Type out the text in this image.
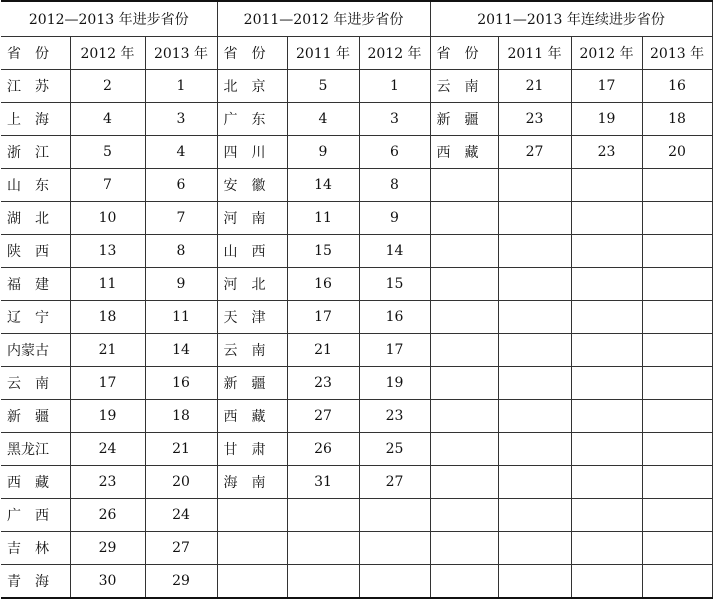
2012—2013 年进步省份			2011—2012 年进步省份			2011—2013 年连续进步省份			
省　份	2012 年	2013 年	省　份	2011 年	2012 年	省　份	2011 年	2012 年	2013 年
江　苏	2	1	北　京	5	1	云　南	21	17	16
上　海	4	3	广　东	4	3	新　疆	23	19	18
浙　江	5	4	四　川	9	6	西　藏	27	23	20
山　东	7	6	安　徽	14	8				
湖　北	10	7	河　南	11	9				
陕　西	13	8	山　西	15	14				
福　建	11	9	河　北	16	15				
辽　宁	18	11	天　津	17	16				
内蒙古	21	14	云　南	21	17				
云　南	17	16	新　疆	23	19				
新　疆	19	18	西　藏	27	23				
黑龙江	24	21	甘　肃	26	25				
西　藏	23	20	海　南	31	27				
广　西	26	24							
吉　林	29	27							
青　海	30	29							
